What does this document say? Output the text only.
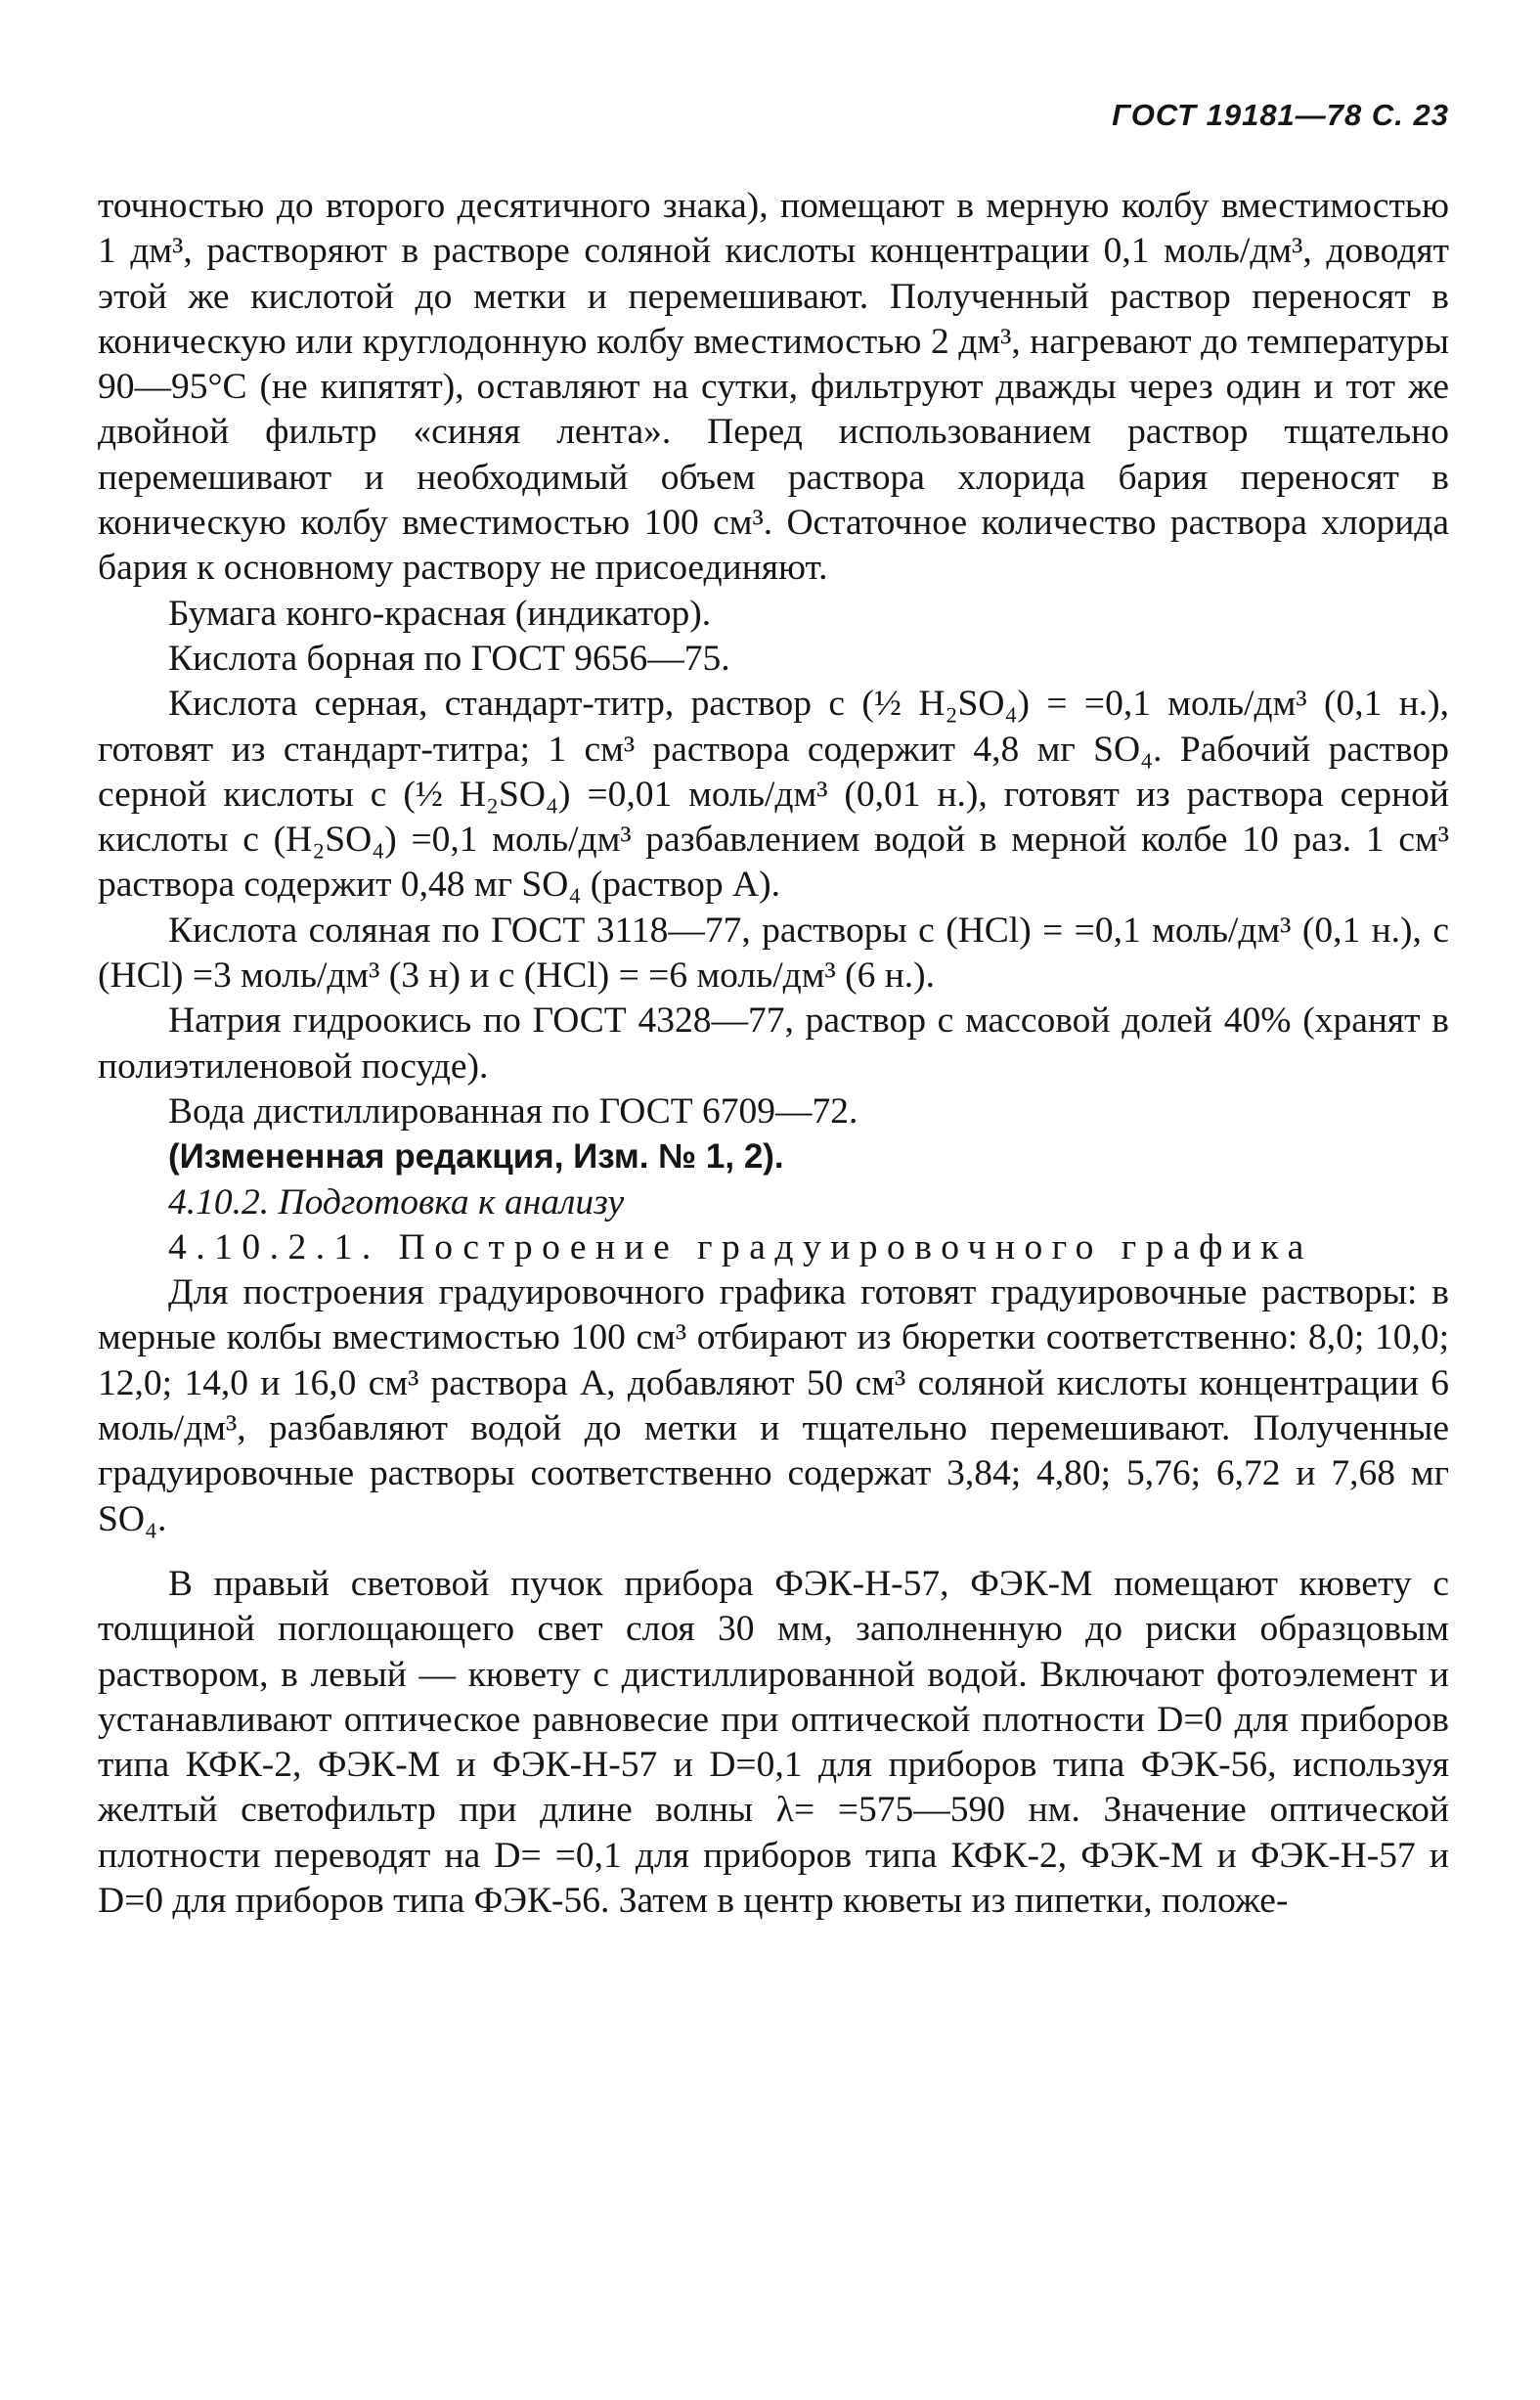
ГОСТ 19181—78 С. 23

точностью до второго десятичного знака), помещают в мерную колбу вместимостью 1 дм³, растворяют в растворе соляной кислоты концентрации 0,1 моль/дм³, доводят этой же кислотой до метки и перемешивают. Полученный раствор переносят в коническую или круглодонную колбу вместимостью 2 дм³, нагревают до температуры 90—95°С (не кипятят), оставляют на сутки, фильтруют дважды через один и тот же двойной фильтр «синяя лента». Перед использованием раствор тщательно перемешивают и необходимый объем раствора хлорида бария переносят в коническую колбу вместимостью 100 см³. Остаточное количество раствора хлорида бария к основному раствору не присоединяют.

Бумага конго-красная (индикатор).

Кислота борная по ГОСТ 9656—75.

Кислота серная, стандарт-титр, раствор с (½ H₂SO₄) = =0,1 моль/дм³ (0,1 н.), готовят из стандарт-титра; 1 см³ раствора содержит 4,8 мг SO₄. Рабочий раствор серной кислоты с (½ H₂SO₄) =0,01 моль/дм³ (0,01 н.), готовят из раствора серной кислоты с (H₂SO₄) =0,1 моль/дм³ разбавлением водой в мерной колбе 10 раз. 1 см³ раствора содержит 0,48 мг SO₄ (раствор А).

Кислота соляная по ГОСТ 3118—77, растворы с (HCl) = =0,1 моль/дм³ (0,1 н.), с (HCl) =3 моль/дм³ (3 н) и с (HCl) = =6 моль/дм³ (6 н.).

Натрия гидроокись по ГОСТ 4328—77, раствор с массовой долей 40% (хранят в полиэтиленовой посуде).

Вода дистиллированная по ГОСТ 6709—72.

(Измененная редакция, Изм. № 1, 2).

4.10.2. Подготовка к анализу

4.10.2.1. Построение градуировочного графика

Для построения градуировочного графика готовят градуировочные растворы: в мерные колбы вместимостью 100 см³ отбирают из бюретки соответственно: 8,0; 10,0; 12,0; 14,0 и 16,0 см³ раствора А, добавляют 50 см³ соляной кислоты концентрации 6 моль/дм³, разбавляют водой до метки и тщательно перемешивают. Полученные градуировочные растворы соответственно содержат 3,84; 4,80; 5,76; 6,72 и 7,68 мг SO₄.

В правый световой пучок прибора ФЭК-Н-57, ФЭК-М помещают кювету с толщиной поглощающего свет слоя 30 мм, заполненную до риски образцовым раствором, в левый — кювету с дистиллированной водой. Включают фотоэлемент и устанавливают оптическое равновесие при оптической плотности D=0 для приборов типа КФК-2, ФЭК-М и ФЭК-Н-57 и D=0,1 для приборов типа ФЭК-56, используя желтый светофильтр при длине волны λ= =575—590 нм. Значение оптической плотности переводят на D= =0,1 для приборов типа КФК-2, ФЭК-М и ФЭК-Н-57 и D=0 для приборов типа ФЭК-56. Затем в центр кюветы из пипетки, положе-
